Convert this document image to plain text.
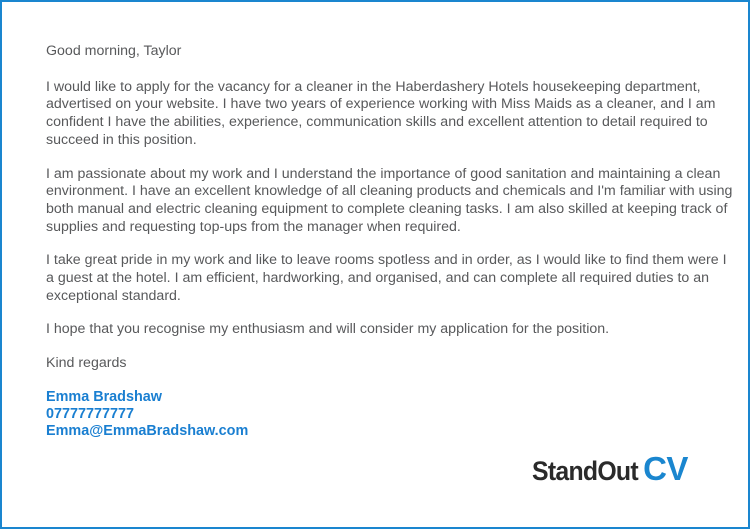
Good morning, Taylor

I would like to apply for the vacancy for a cleaner in the Haberdashery Hotels housekeeping department, advertised on your website. I have two years of experience working with Miss Maids as a cleaner, and I am confident I have the abilities, experience, communication skills and excellent attention to detail required to succeed in this position.

I am passionate about my work and I understand the importance of good sanitation and maintaining a clean environment. I have an excellent knowledge of all cleaning products and chemicals and I'm familiar with using both manual and electric cleaning equipment to complete cleaning tasks. I am also skilled at keeping track of supplies and requesting top-ups from the manager when required.

I take great pride in my work and like to leave rooms spotless and in order, as I would like to find them were I a guest at the hotel. I am efficient, hardworking, and organised, and can complete all required duties to an exceptional standard.

I hope that you recognise my enthusiasm and will consider my application for the position.

Kind regards

Emma Bradshaw
07777777777
Emma@EmmaBradshaw.com
StandOut CV
